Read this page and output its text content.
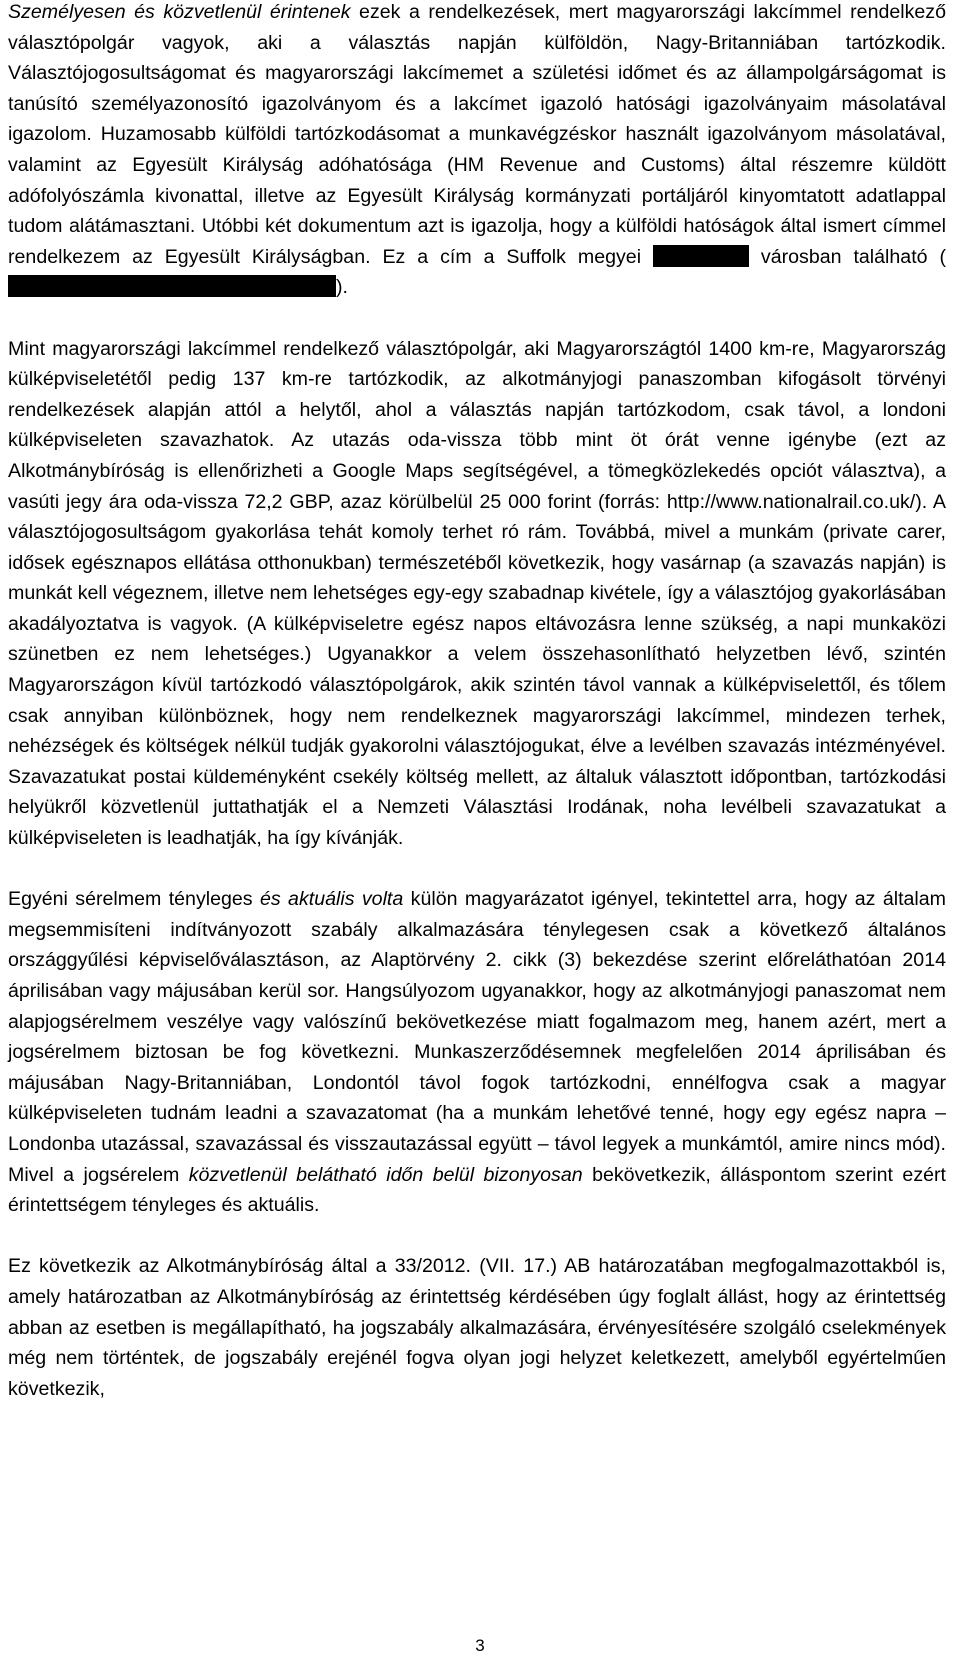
Személyesen és közvetlenül érintenek ezek a rendelkezések, mert magyarországi lakcímmel rendelkező választópolgár vagyok, aki a választás napján külföldön, Nagy-Britanniában tartózkodik. Választójogosultságomat és magyarországi lakcímemet a születési időmet és az állampolgárságomat is tanúsító személyazonosító igazolványom és a lakcímet igazoló hatósági igazolványaim másolatával igazolom. Huzamosabb külföldi tartózkodásomat a munkavégzéskor használt igazolványom másolatával, valamint az Egyesült Királyság adóhatósága (HM Revenue and Customs) által részemre küldött adófolyószámla kivonattal, illetve az Egyesült Királyság kormányzati portáljáról kinyomtatott adatlappal tudom alátámasztani. Utóbbi két dokumentum azt is igazolja, hogy a külföldi hatóságok által ismert címmel rendelkezem az Egyesült Királyságban. Ez a cím a Suffolk megyei	városban található ().

Mint magyarországi lakcímmel rendelkező választópolgár, aki Magyarországtól 1400 km-re, Magyarország külképviseletétől pedig 137 km-re tartózkodik, az alkotmányjogi panaszomban kifogásolt törvényi rendelkezések alapján attól a helytől, ahol a választás napján tartózkodom, csak távol, a londoni külképviseleten szavazhatok. Az utazás oda-vissza több mint öt órát venne igénybe (ezt az Alkotmánybíróság is ellenőrizheti a Google Maps segítségével, a tömegközlekedés opciót választva), a vasúti jegy ára oda-vissza 72,2 GBP, azaz körülbelül 25 000 forint (forrás: http://www.nationalrail.co.uk/). A választójogosultságom gyakorlása tehát komoly terhet ró rám. Továbbá, mivel a munkám (private carer, idősek egésznapos ellátása otthonukban) természetéből következik, hogy vasárnap (a szavazás napján) is munkát kell végeznem, illetve nem lehetséges egy-egy szabadnap kivétele, így a választójog gyakorlásában akadályoztatva is vagyok. (A külképviseletre egész napos eltávozásra lenne szükség, a napi munkaközi szünetben ez nem lehetséges.) Ugyanakkor a velem összehasonlítható helyzetben lévő, szintén Magyarországon kívül tartózkodó választópolgárok, akik szintén távol vannak a külképviselettől, és tőlem csak annyiban különböznek, hogy nem rendelkeznek magyarországi lakcímmel, mindezen terhek, nehézségek és költségek nélkül tudják gyakorolni választójogukat, élve a levélben szavazás intézményével. Szavazatukat postai küldeményként csekély költség mellett, az általuk választott időpontban, tartózkodási helyükről közvetlenül juttathatják el a Nemzeti Választási Irodának, noha levélbeli szavazatukat a külképviseleten is leadhatják, ha így kívánják.

Egyéni sérelmem tényleges és aktuális volta külön magyarázatot igényel, tekintettel arra, hogy az általam megsemmisíteni indítványozott szabály alkalmazására ténylegesen csak a következő általános országgyűlési képviselőválasztáson, az Alaptörvény 2. cikk (3) bekezdése szerint előreláthatóan 2014 áprilisában vagy májusában kerül sor. Hangsúlyozom ugyanakkor, hogy az alkotmányjogi panaszomat nem alapjogsérelmem veszélye vagy valószínű bekövetkezése miatt fogalmazom meg, hanem azért, mert a jogsérelmem biztosan be fog következni. Munkaszerződésemnek megfelelően 2014 áprilisában és májusában Nagy-Britanniában, Londontól távol fogok tartózkodni, ennélfogva csak a magyar külképviseleten tudnám leadni a szavazatomat (ha a munkám lehetővé tenné, hogy egy egész napra – Londonba utazással, szavazással és visszautazással együtt – távol legyek a munkámtól, amire nincs mód). Mivel a jogsérelem közvetlenül belátható időn belül bizonyosan bekövetkezik, álláspontom szerint ezért érintettségem tényleges és aktuális.

Ez következik az Alkotmánybíróság által a 33/2012. (VII. 17.) AB határozatában megfogalmazottakból is, amely határozatban az Alkotmánybíróság az érintettség kérdésében úgy foglalt állást, hogy az érintettség abban az esetben is megállapítható, ha jogszabály alkalmazására, érvényesítésére szolgáló cselekmények még nem történtek, de jogszabály erejénél fogva olyan jogi helyzet keletkezett, amelyből egyértelműen következik,

3
